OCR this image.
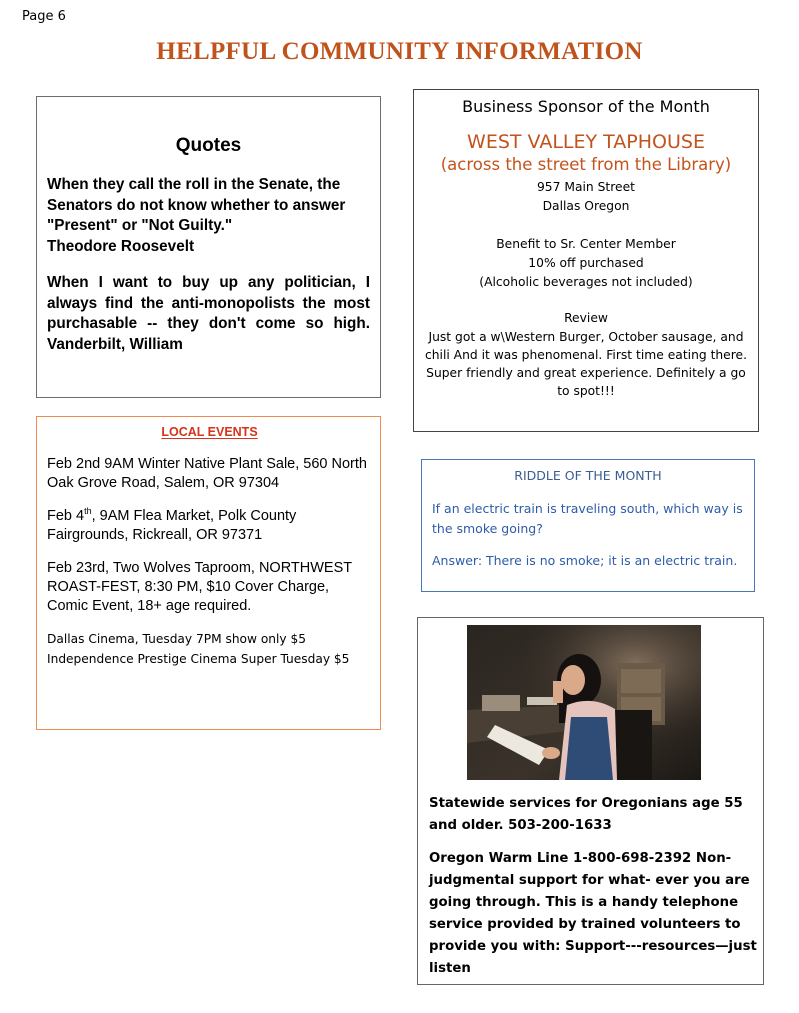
Page 6
HELPFUL COMMUNITY INFORMATION
Quotes

When they call the roll in the Senate, the Senators do not know whether to answer "Present" or "Not Guilty."
Theodore Roosevelt

When I want to buy up any politician, I always find the anti-monopolists the most purchasable -- they don't come so high. Vanderbilt, William

Business Sponsor of the Month
WEST VALLEY TAPHOUSE
(across the street from the Library)
957 Main Street
Dallas Oregon
Benefit to Sr. Center Member
10% off purchased
(Alcoholic beverages not included)
Review
Just got a w\Western Burger, October sausage, and chili And it was phenomenal. First time eating there. Super friendly and great experience. Definitely a go to spot!!!
LOCAL EVENTS

Feb 2nd 9AM Winter Native Plant Sale, 560 North Oak Grove Road, Salem, OR 97304

Feb 4th, 9AM Flea Market, Polk County Fairgrounds, Rickreall, OR 97371

Feb 23rd, Two Wolves Taproom, NORTHWEST ROAST-FEST, 8:30 PM, $10 Cover Charge, Comic Event, 18+ age required.

Dallas Cinema, Tuesday 7PM show only $5
Independence Prestige Cinema Super Tuesday $5
RIDDLE OF THE MONTH
If an electric train is traveling south, which way is the smoke going?
Answer: There is no smoke; it is an electric train.
Statewide services for Oregonians age 55 and older. 503-200-1633
Oregon Warm Line 1-800-698-2392 Non-judgmental support for what- ever you are going through. This is a handy telephone service provided by trained volunteers to provide you with: Support---resources—just listen
